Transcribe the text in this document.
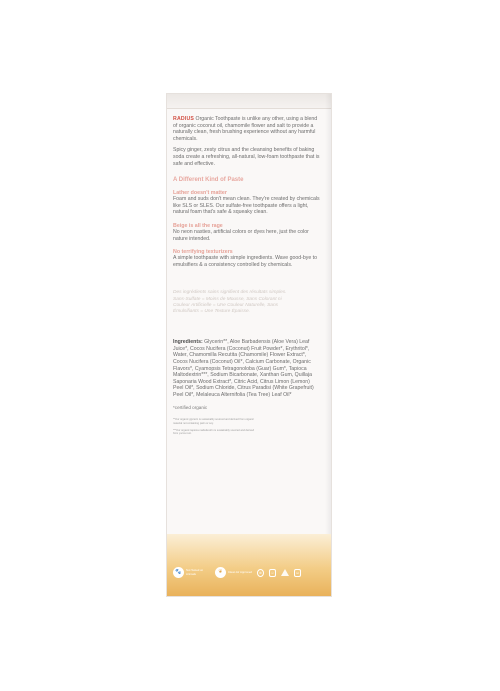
RADIUS Organic Toothpaste is unlike any other, using a blend of organic coconut oil, chamomile flower and salt to provide a naturally clean, fresh brushing experience without any harmful chemicals.

Spicy ginger, zesty citrus and the cleansing benefits of baking soda create a refreshing, all-natural, low-foam toothpaste that is safe and effective.

A Different Kind of Paste

Lather doesn't matter

Foam and suds don't mean clean. They're created by chemicals like SLS or SLES. Our sulfate-free toothpaste offers a light, natural foam that's safe & squeaky clean.

Beige is all the rage

No neon nasties, artificial colors or dyes here, just the color nature intended.

No terrifying texturizers

A simple toothpaste with simple ingredients. Wave good-bye to emulsifiers & a consistency controlled by chemicals.

Des ingrédients sains signifient des résultats simples. Sans-Sulfate = Moins de Mousse, Sans Colorant ni Couleur Artificielle = Une Couleur Naturelle, Sans Émulsifiants = Une Texture Épaisse.

Ingredients: Glycerin**, Aloe Barbadensis (Aloe Vera) Leaf Juice*, Cocos Nucifera (Coconut) Fruit Powder*, Erythritol*, Water, Chamomilla Recutita (Chamomile) Flower Extract*, Cocos Nucifera (Coconut) Oil*, Calcium Carbonate, Organic Flavors*, Cyamopsis Tetragonoloba (Guar) Gum*, Tapioca Maltodextrin***, Sodium Bicarbonate, Xanthan Gum, Quillaja Saponaria Wood Extract*, Citric Acid, Citrus Limon (Lemon) Peel Oil*, Sodium Chloride, Citrus Paradisi (White Grapefruit) Peel Oil*, Melaleuca Alternifolia (Tea Tree) Leaf Oil*

*certified organic

**Our organic glycerin is sustainably sourced and derived from organic material not containing palm or soy.

***Our organic tapioca maltodextrin is sustainably sourced and derived from yucca root.

🐾	Not Tested on Animals	❦	Clean Air Approved	♻	♲	⊟
